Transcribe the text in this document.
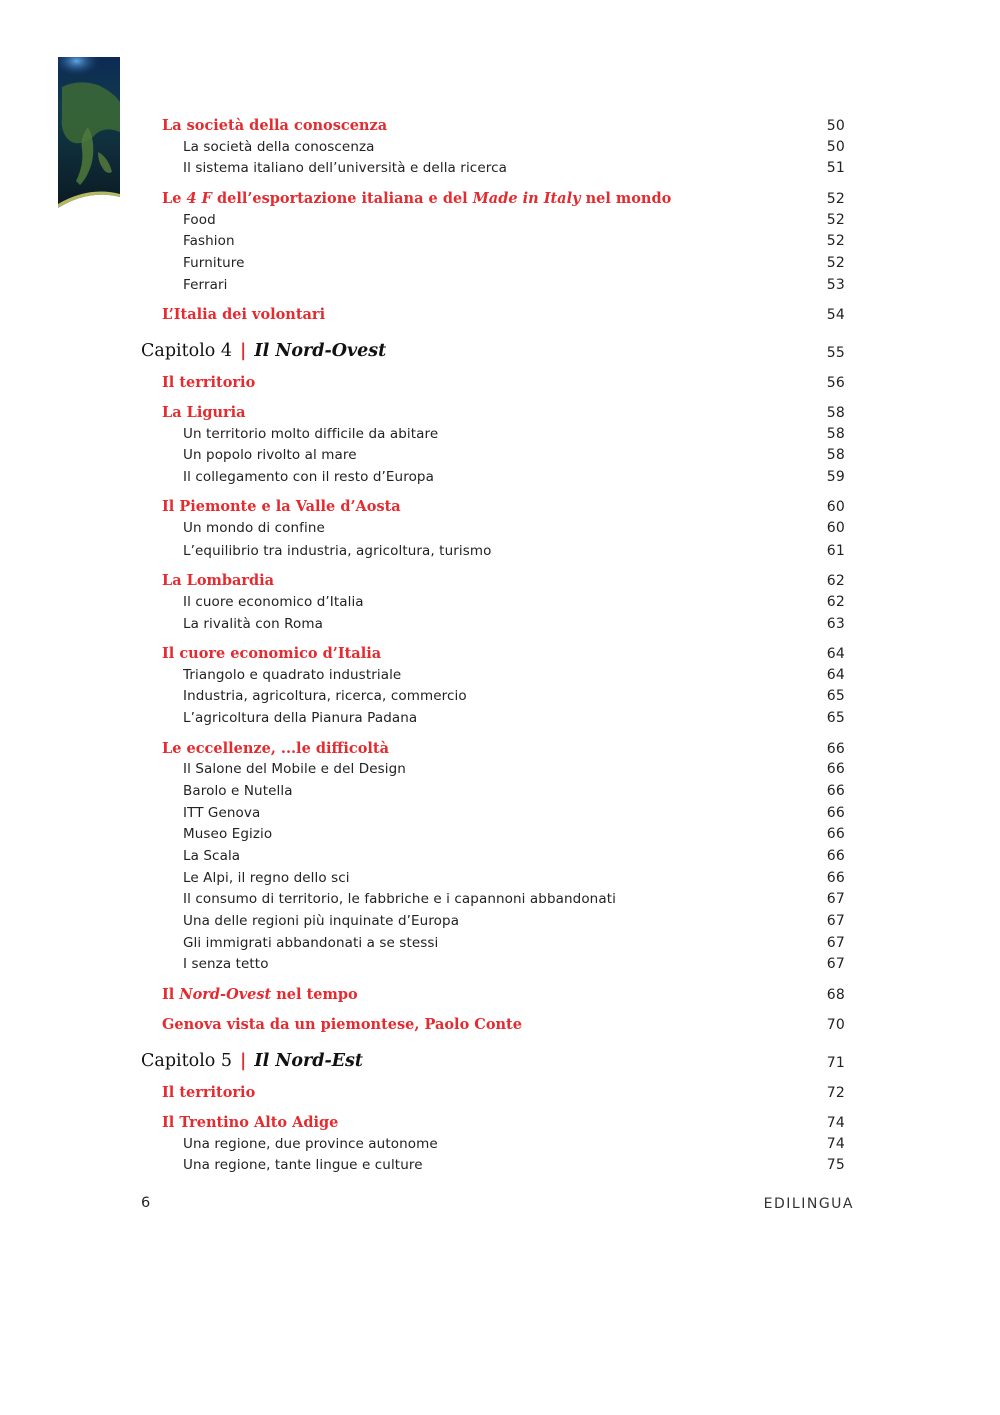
La società della conoscenza	50
La società della conoscenza	50
Il sistema italiano dell’università e della ricerca	51
Le 4 F dell’esportazione italiana e del Made in Italy nel mondo	52
Food	52
Fashion	52
Furniture	52
Ferrari	53
L’Italia dei volontari	54
Capitolo 4 | Il Nord-Ovest	55
Il territorio	56
La Liguria	58
Un territorio molto difficile da abitare	58
Un popolo rivolto al mare	58
Il collegamento con il resto d’Europa	59
Il Piemonte e la Valle d’Aosta	60
Un mondo di confine	60
L’equilibrio tra industria, agricoltura, turismo	61
La Lombardia	62
Il cuore economico d’Italia	62
La rivalità con Roma	63
Il cuore economico d’Italia	64
Triangolo e quadrato industriale	64
Industria, agricoltura, ricerca, commercio	65
L’agricoltura della Pianura Padana	65
Le eccellenze, ...le difficoltà	66
Il Salone del Mobile e del Design	66
Barolo e Nutella	66
ITT Genova	66
Museo Egizio	66
La Scala	66
Le Alpi, il regno dello sci	66
Il consumo di territorio, le fabbriche e i capannoni abbandonati	67
Una delle regioni più inquinate d’Europa	67
Gli immigrati abbandonati a se stessi	67
I senza tetto	67
Il Nord-Ovest nel tempo	68
Genova vista da un piemontese, Paolo Conte	70
Capitolo 5 | Il Nord-Est	71
Il territorio	72
Il Trentino Alto Adige	74
Una regione, due province autonome	74
Una regione, tante lingue e culture	75
6	EDILINGUA
